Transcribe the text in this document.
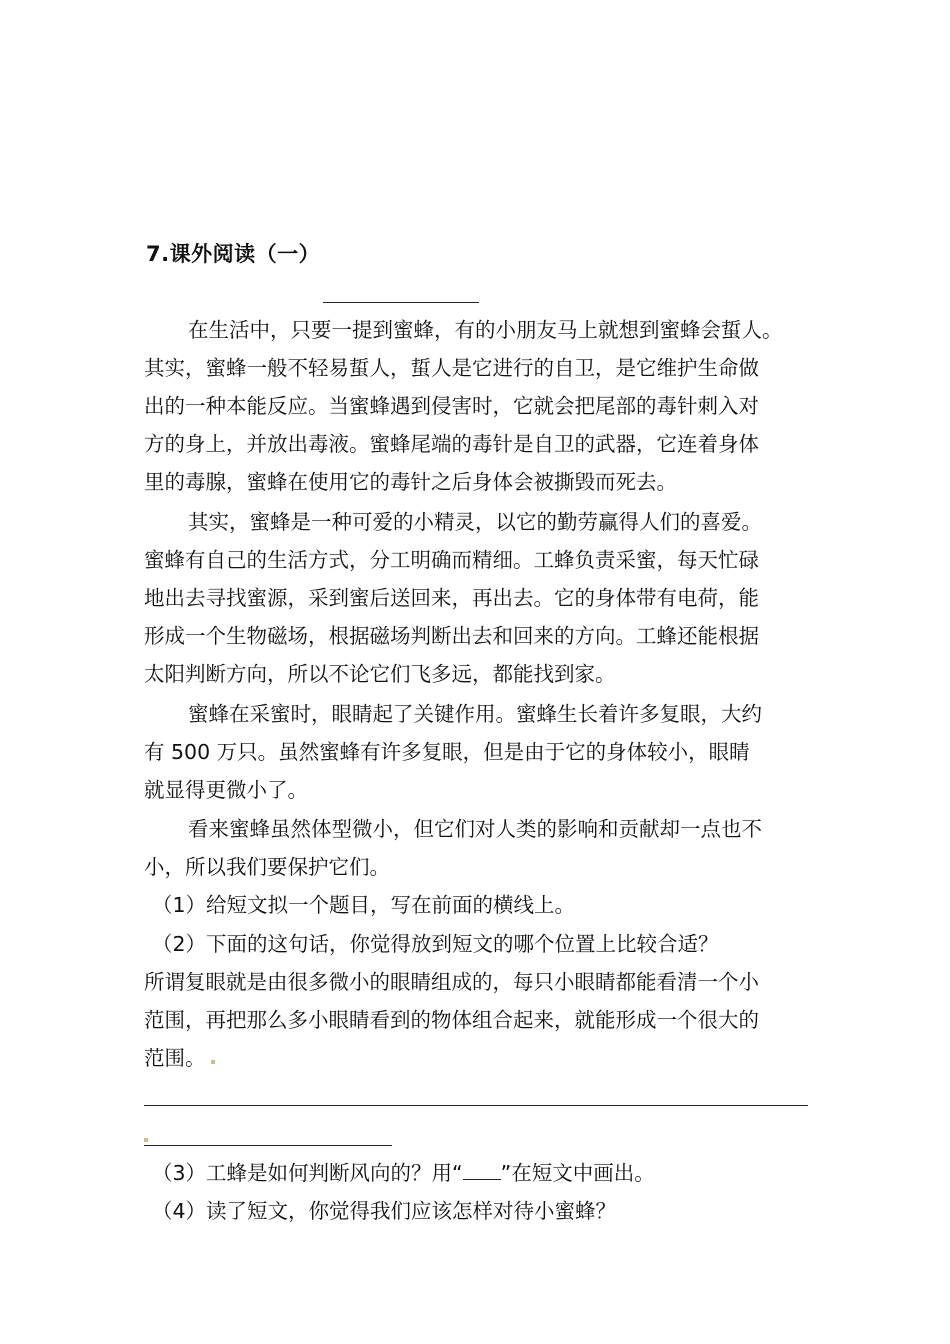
7.课外阅读（一）
在生活中，只要一提到蜜蜂，有的小朋友马上就想到蜜蜂会蜇人。
其实，蜜蜂一般不轻易蜇人，蜇人是它进行的自卫，是它维护生命做
出的一种本能反应。当蜜蜂遇到侵害时，它就会把尾部的毒针刺入对
方的身上，并放出毒液。蜜蜂尾端的毒针是自卫的武器，它连着身体
里的毒腺，蜜蜂在使用它的毒针之后身体会被撕毁而死去。
其实，蜜蜂是一种可爱的小精灵，以它的勤劳赢得人们的喜爱。
蜜蜂有自己的生活方式，分工明确而精细。工蜂负责采蜜，每天忙碌
地出去寻找蜜源，采到蜜后送回来，再出去。它的身体带有电荷，能
形成一个生物磁场，根据磁场判断出去和回来的方向。工蜂还能根据
太阳判断方向，所以不论它们飞多远，都能找到家。
蜜蜂在采蜜时，眼睛起了关键作用。蜜蜂生长着许多复眼，大约
有 500 万只。虽然蜜蜂有许多复眼，但是由于它的身体较小，眼睛
就显得更微小了。
看来蜜蜂虽然体型微小，但它们对人类的影响和贡献却一点也不
小，所以我们要保护它们。
（1）给短文拟一个题目，写在前面的横线上。
（2）下面的这句话，你觉得放到短文的哪个位置上比较合适？
所谓复眼就是由很多微小的眼睛组成的，每只小眼睛都能看清一个小
范围，再把那么多小眼睛看到的物体组合起来，就能形成一个很大的
范围。
（3）工蜂是如何判断风向的？用“ ”在短文中画出。
（4）读了短文，你觉得我们应该怎样对待小蜜蜂？
